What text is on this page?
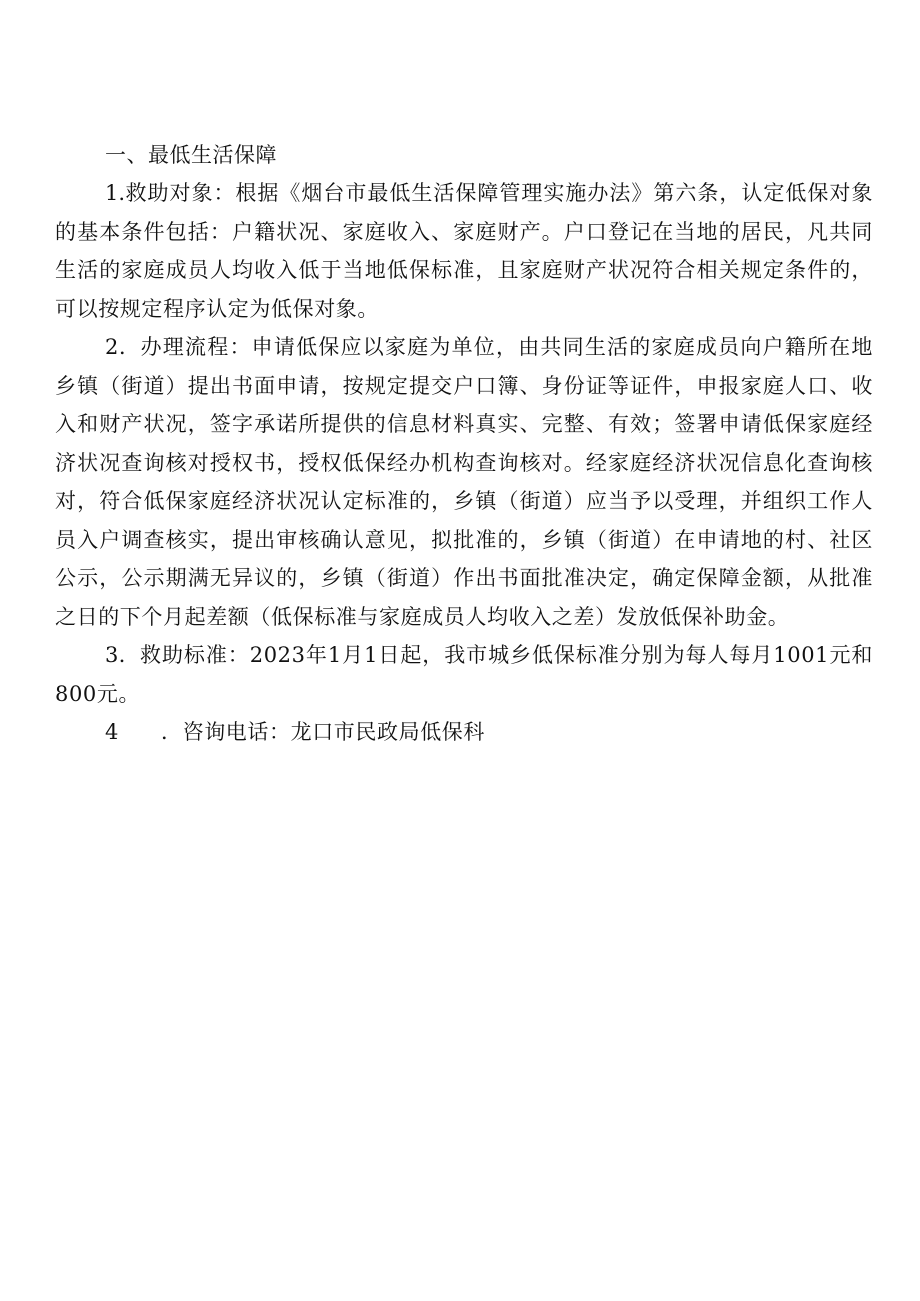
一、最低生活保障

1.救助对象：根据《烟台市最低生活保障管理实施办法》第六条，认定低保对象的基本条件包括：户籍状况、家庭收入、家庭财产。户口登记在当地的居民，凡共同生活的家庭成员人均收入低于当地低保标准，且家庭财产状况符合相关规定条件的，可以按规定程序认定为低保对象。

2．办理流程：申请低保应以家庭为单位，由共同生活的家庭成员向户籍所在地乡镇（街道）提出书面申请，按规定提交户口簿、身份证等证件，申报家庭人口、收入和财产状况，签字承诺所提供的信息材料真实、完整、有效；签署申请低保家庭经济状况查询核对授权书，授权低保经办机构查询核对。经家庭经济状况信息化查询核对，符合低保家庭经济状况认定标准的，乡镇（街道）应当予以受理，并组织工作人员入户调查核实，提出审核确认意见，拟批准的，乡镇（街道）在申请地的村、社区公示，公示期满无异议的，乡镇（街道）作出书面批准决定，确定保障金额，从批准之日的下个月起差额（低保标准与家庭成员人均收入之差）发放低保补助金。

3．救助标准：2023年1月1日起，我市城乡低保标准分别为每人每月1001元和800元。

4 ．咨询电话：龙口市民政局低保科
